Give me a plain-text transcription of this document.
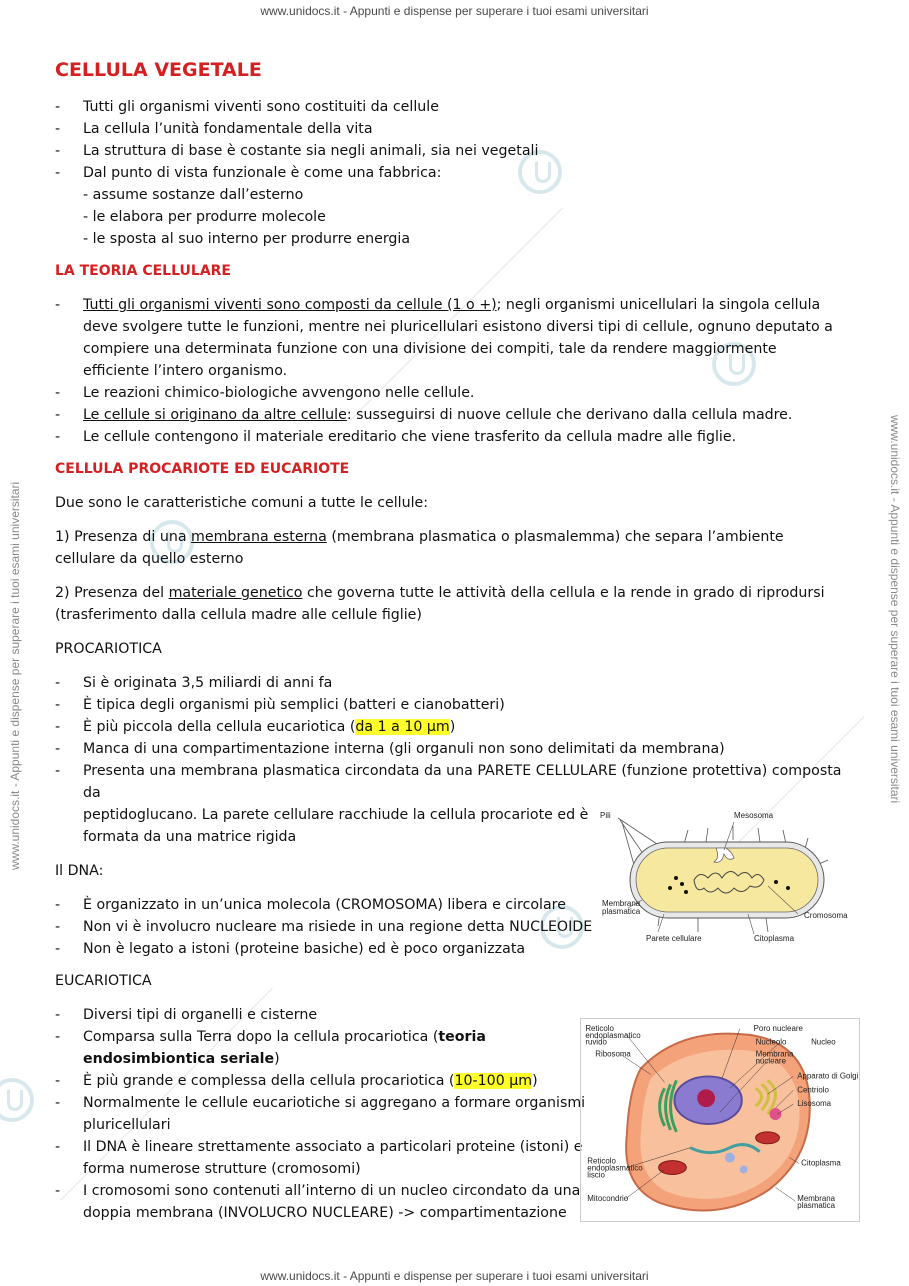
www.unidocs.it - Appunti e dispense per superare i tuoi esami universitari
www.unidocs.it - Appunti e dispense per superare i tuoi esami universitari
www.unidocs.it - Appunti e dispense per superare i tuoi esami universitari	www.unidocs.it - Appunti e dispense per superare i tuoi esami universitari
CELLULA VEGETALE
- Tutti gli organismi viventi sono costituiti da cellule
- La cellula l’unità fondamentale della vita
- La struttura di base è costante sia negli animali, sia nei vegetali
- Dal punto di vista funzionale è come una fabbrica:
- assume sostanze dall’esterno
- le elabora per produrre molecole
- le sposta al suo interno per produrre energia
LA TEORIA CELLULARE
- Tutti gli organismi viventi sono composti da cellule (1 o +); negli organismi unicellulari la singola cellula deve svolgere tutte le funzioni, mentre nei pluricellulari esistono diversi tipi di cellule, ognuno deputato a compiere una determinata funzione con una divisione dei compiti, tale da rendere maggiormente efficiente l’intero organismo.
- Le reazioni chimico-biologiche avvengono nelle cellule.
- Le cellule si originano da altre cellule: susseguirsi di nuove cellule che derivano dalla cellula madre.
- Le cellule contengono il materiale ereditario che viene trasferito da cellula madre alle figlie.
CELLULA PROCARIOTE ED EUCARIOTE

Due sono le caratteristiche comuni a tutte le cellule:

1) Presenza di una membrana esterna (membrana plasmatica o plasmalemma) che separa l’ambiente cellulare da quello esterno

2) Presenza del materiale genetico che governa tutte le attività della cellula e la rende in grado di riprodursi (trasferimento dalla cellula madre alle cellule figlie)

PROCARIOTICA
- Si è originata 3,5 miliardi di anni fa
- È tipica degli organismi più semplici (batteri e cianobatteri)
- È più piccola della cellula eucariotica (da 1 a 10 µm)
- Manca di una compartimentazione interna (gli organuli non sono delimitati da membrana)
- Presenta una membrana plasmatica circondata da una PARETE CELLULARE (funzione protettiva) composta da
peptidoglucano. La parete cellulare racchiude la cellula procariote ed è
formata da una matrice rigida

Il DNA:

- È organizzato in un’unica molecola (CROMOSOMA) libera e circolare
- Non vi è involucro nucleare ma risiede in una regione detta NUCLEOIDE
- Non è legato a istoni (proteine basiche) ed è poco organizzata
EUCARIOTICA
- Diversi tipi di organelli e cisterne
- Comparsa sulla Terra dopo la cellula procariotica (teoria
endosimbiontica seriale)
- È più grande e complessa della cellula procariotica (10-100 µm)
- Normalmente le cellule eucariotiche si aggregano a formare organismi
pluricellulari
- Il DNA è lineare strettamente associato a particolari proteine (istoni) e
forma numerose strutture (cromosomi)
- I cromosomi sono contenuti all’interno di un nucleo circondato da una
doppia membrana (INVOLUCRO NUCLEARE) -> compartimentazione
Pili	Mesosoma
Membrana
plasmatica	Cromosoma
Parete cellulare	Citoplasma
Reticolo
endoplasmatico
ruvido
Ribosoma
Poro nucleare
Nucleo
Nucleolo
Membrana
nucleare
Apparato di Golgi
Centriolo
Lisosoma
Reticolo
endoplasmatico
liscio
Citoplasma
Mitocondrio	Membrana
plasmatica
